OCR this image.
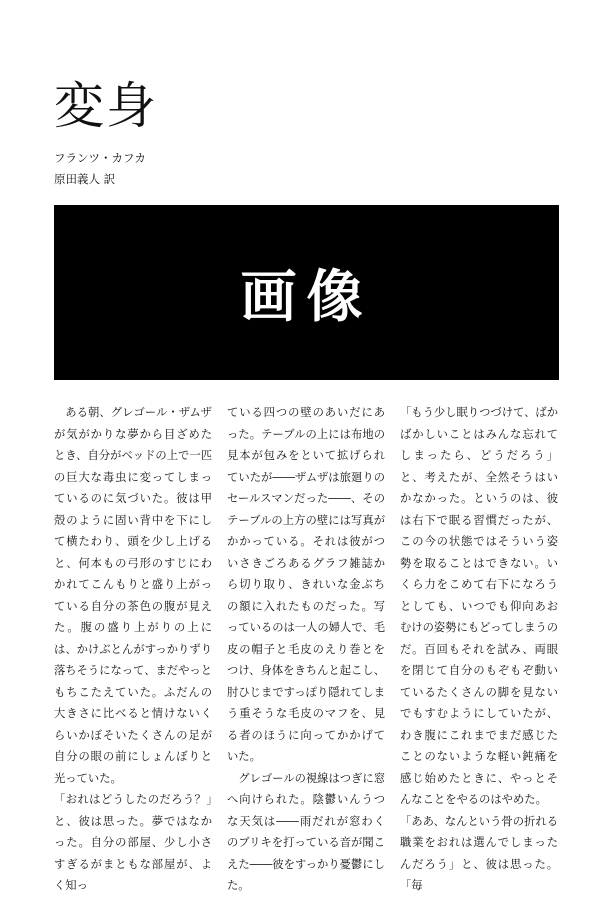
変身
フランツ・カフカ
原田義人 訳
画像

ある朝、グレゴール・ザムザが気がかりな夢から目ざめたとき、自分がベッドの上で一匹の巨大な毒虫に変ってしまっているのに気づいた。彼は甲殻のように固い背中を下にして横たわり、頭を少し上げると、何本もの弓形のすじにわかれてこんもりと盛り上がっている自分の茶色の腹が見えた。腹の盛り上がりの上には、かけぶとんがすっかりずり落ちそうになって、まだやっともちこたえていた。ふだんの大きさに比べると情けないくらいかぼそいたくさんの足が自分の眼の前にしょんぼりと光っていた。

「おれはどうしたのだろう？」と、彼は思った。夢ではなかった。自分の部屋、少し小さすぎるがまともな部屋が、よく知っ

ている四つの壁のあいだにあった。テーブルの上には布地の見本が包みをといて拡げられていたが――ザムザは旅廻りのセールスマンだった――、そのテーブルの上方の壁には写真がかかっている。それは彼がついさきごろあるグラフ雑誌から切り取り、きれいな金ぶちの額に入れたものだった。写っているのは一人の婦人で、毛皮の帽子と毛皮のえり巻とをつけ、身体をきちんと起こし、肘ひじまですっぽり隠れてしまう重そうな毛皮のマフを、見る者のほうに向ってかかげていた。

グレゴールの視線はつぎに窓へ向けられた。陰鬱いんうつな天気は――雨だれが窓わくのブリキを打っている音が聞こえた――彼をすっかり憂鬱にした。

「もう少し眠りつづけて、ばかばかしいことはみんな忘れてしまったら、どうだろう」と、考えたが、全然そうはいかなかった。というのは、彼は右下で眠る習慣だったが、この今の状態ではそういう姿勢を取ることはできない。いくら力をこめて右下になろうとしても、いつでも仰向あおむけの姿勢にもどってしまうのだ。百回もそれを試み、両眼を閉じて自分のもぞもぞ動いているたくさんの脚を見ないでもすむようにしていたが、わき腹にこれまでまだ感じたことのないような軽い鈍痛を感じ始めたときに、やっとそんなことをやるのはやめた。

「ああ、なんという骨の折れる職業をおれは選んでしまったんだろう」と、彼は思った。「毎
